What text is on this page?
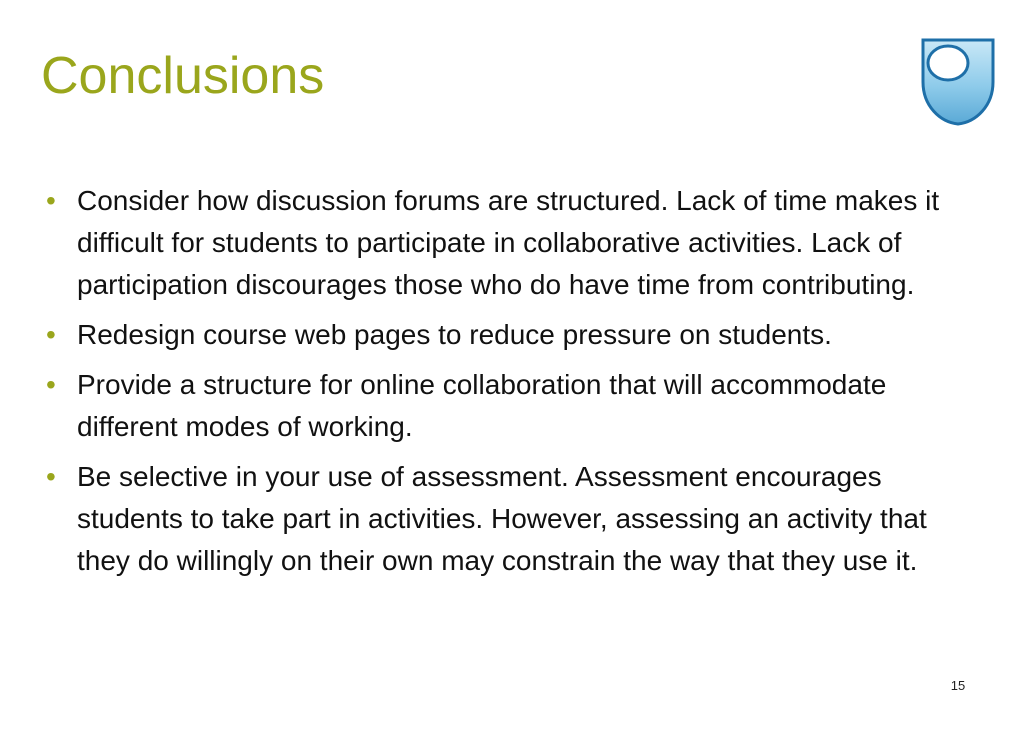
Conclusions
• Consider how discussion forums are structured. Lack of time makes it difficult for students to participate in collaborative activities. Lack of participation discourages those who do have time from contributing.
• Redesign course web pages to reduce pressure on students.
• Provide a structure for online collaboration that will accommodate different modes of working.
• Be selective in your use of assessment. Assessment encourages students to take part in activities. However, assessing an activity that they do willingly on their own may constrain the way that they use it.
15
